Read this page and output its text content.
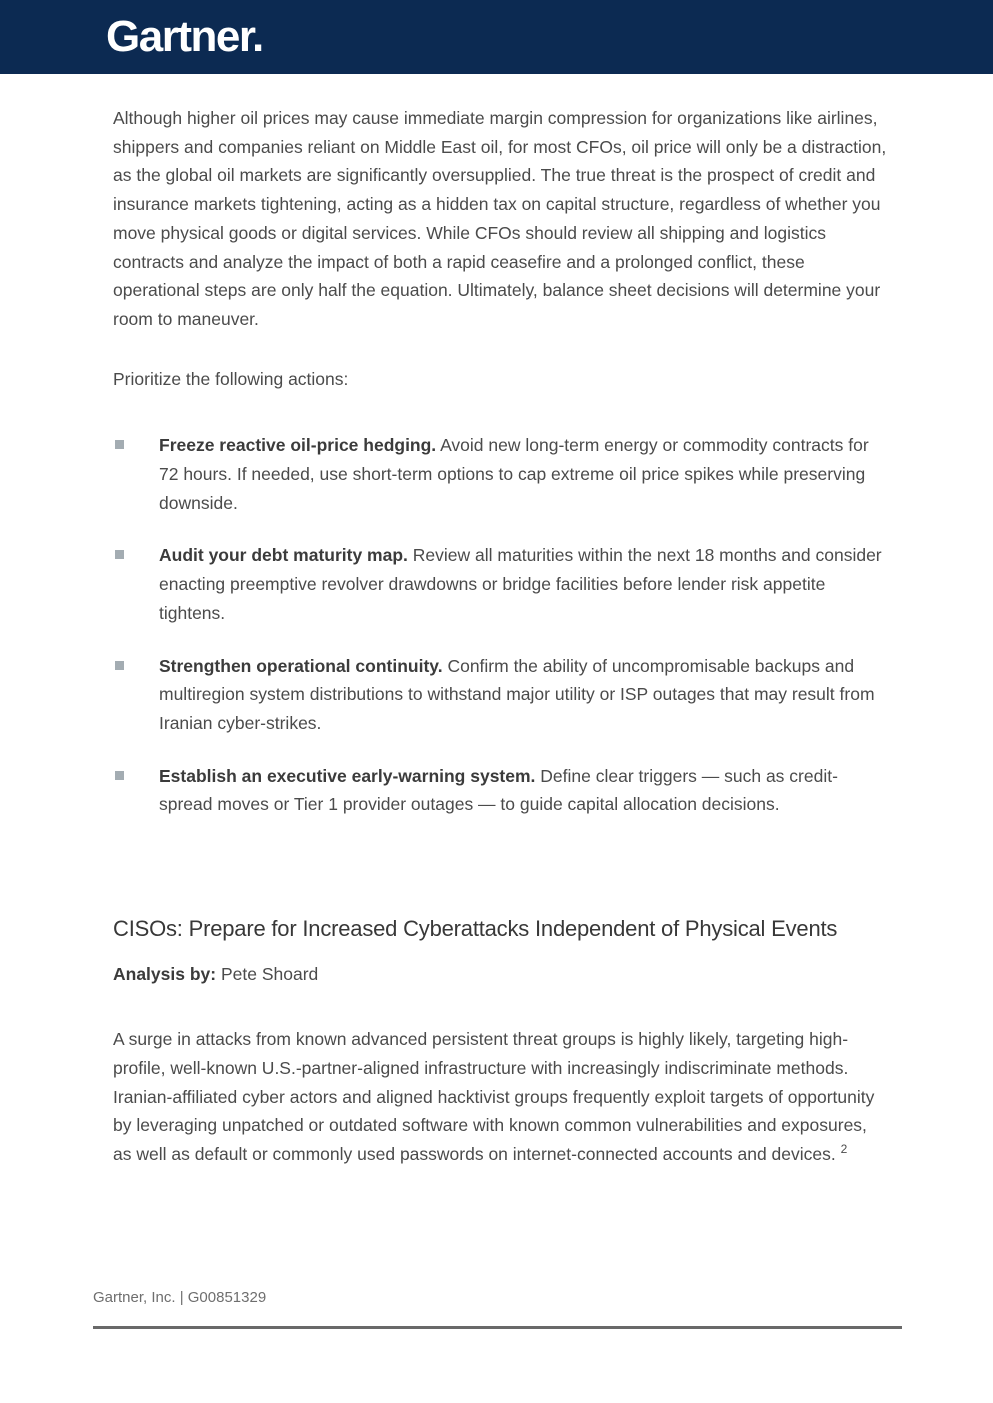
Gartner.

Although higher oil prices may cause immediate margin compression for organizations like airlines, shippers and companies reliant on Middle East oil, for most CFOs, oil price will only be a distraction, as the global oil markets are significantly oversupplied. The true threat is the prospect of credit and insurance markets tightening, acting as a hidden tax on capital structure, regardless of whether you move physical goods or digital services. While CFOs should review all shipping and logistics contracts and analyze the impact of both a rapid ceasefire and a prolonged conflict, these operational steps are only half the equation. Ultimately, balance sheet decisions will determine your room to maneuver.

Prioritize the following actions:

Freeze reactive oil-price hedging. Avoid new long-term energy or commodity contracts for 72 hours. If needed, use short-term options to cap extreme oil price spikes while preserving downside.
Audit your debt maturity map. Review all maturities within the next 18 months and consider enacting preemptive revolver drawdowns or bridge facilities before lender risk appetite tightens.
Strengthen operational continuity. Confirm the ability of uncompromisable backups and multiregion system distributions to withstand major utility or ISP outages that may result from Iranian cyber-strikes.
Establish an executive early-warning system. Define clear triggers — such as credit-spread moves or Tier 1 provider outages — to guide capital allocation decisions.
CISOs: Prepare for Increased Cyberattacks Independent of Physical Events

Analysis by: Pete Shoard

A surge in attacks from known advanced persistent threat groups is highly likely, targeting high-profile, well-known U.S.-partner-aligned infrastructure with increasingly indiscriminate methods. Iranian-affiliated cyber actors and aligned hacktivist groups frequently exploit targets of opportunity by leveraging unpatched or outdated software with known common vulnerabilities and exposures, as well as default or commonly used passwords on internet-connected accounts and devices. $^2$

Gartner, Inc. | G00851329
